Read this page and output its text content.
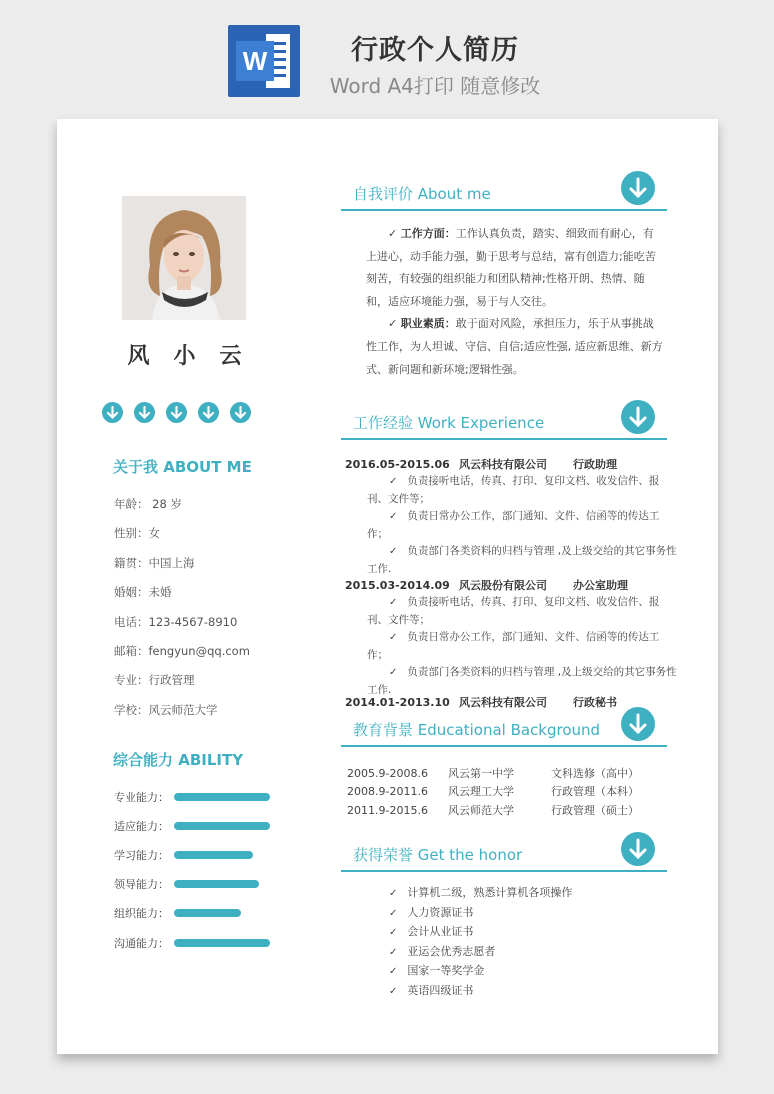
W	行政个人简历
Word A4打印 随意修改
风小云
关于我 ABOUT ME
年龄： 28 岁
性别：女
籍贯：中国上海
婚姻：未婚
电话：123-4567-8910
邮箱：fengyun@qq.com
专业：行政管理
学校：风云师范大学
综合能力 ABILITY
专业能力：
适应能力：
学习能力：
领导能力：
组织能力：
沟通能力：
自我评价 About me

✓ 工作方面：工作认真负责，踏实、细致而有耐心，有上进心，动手能力强，勤于思考与总结，富有创造力;能吃苦刻苦，有较强的组织能力和团队精神;性格开朗、热情、随和，适应环境能力强，易于与人交往。

✓ 职业素质：敢于面对风险，承担压力，乐于从事挑战性工作，为人坦诚、守信、自信;适应性强, 适应新思维、新方式、新问题和新环境;逻辑性强。

工作经验 Work Experience
2016.05-2015.06 风云科技有限公司	行政助理
✓ 负责接听电话，传真、打印、复印文档、收发信件、报刊、文件等；
✓ 负责日常办公工作，部门通知、文件、信函等的传达工作；
✓ 负责部门各类资料的归档与管理 ,及上级交给的其它事务性工作.
2015.03-2014.09 风云股份有限公司	办公室助理
✓ 负责接听电话，传真、打印、复印文档、收发信件、报刊、文件等；
✓ 负责日常办公工作，部门通知、文件、信函等的传达工作；
✓ 负责部门各类资料的归档与管理 ,及上级交给的其它事务性工作.
2014.01-2013.10 风云科技有限公司	行政秘书
教育背景 Educational Background
2005.9-2008.6	风云第一中学	文科选修（高中）
2008.9-2011.6	风云理工大学	行政管理（本科）
2011.9-2015.6	风云师范大学	行政管理（硕士）
获得荣誉 Get the honor
✓ 计算机二级，熟悉计算机各项操作
✓ 人力资源证书
✓ 会计从业证书
✓ 亚运会优秀志愿者
✓ 国家一等奖学金
✓ 英语四级证书
